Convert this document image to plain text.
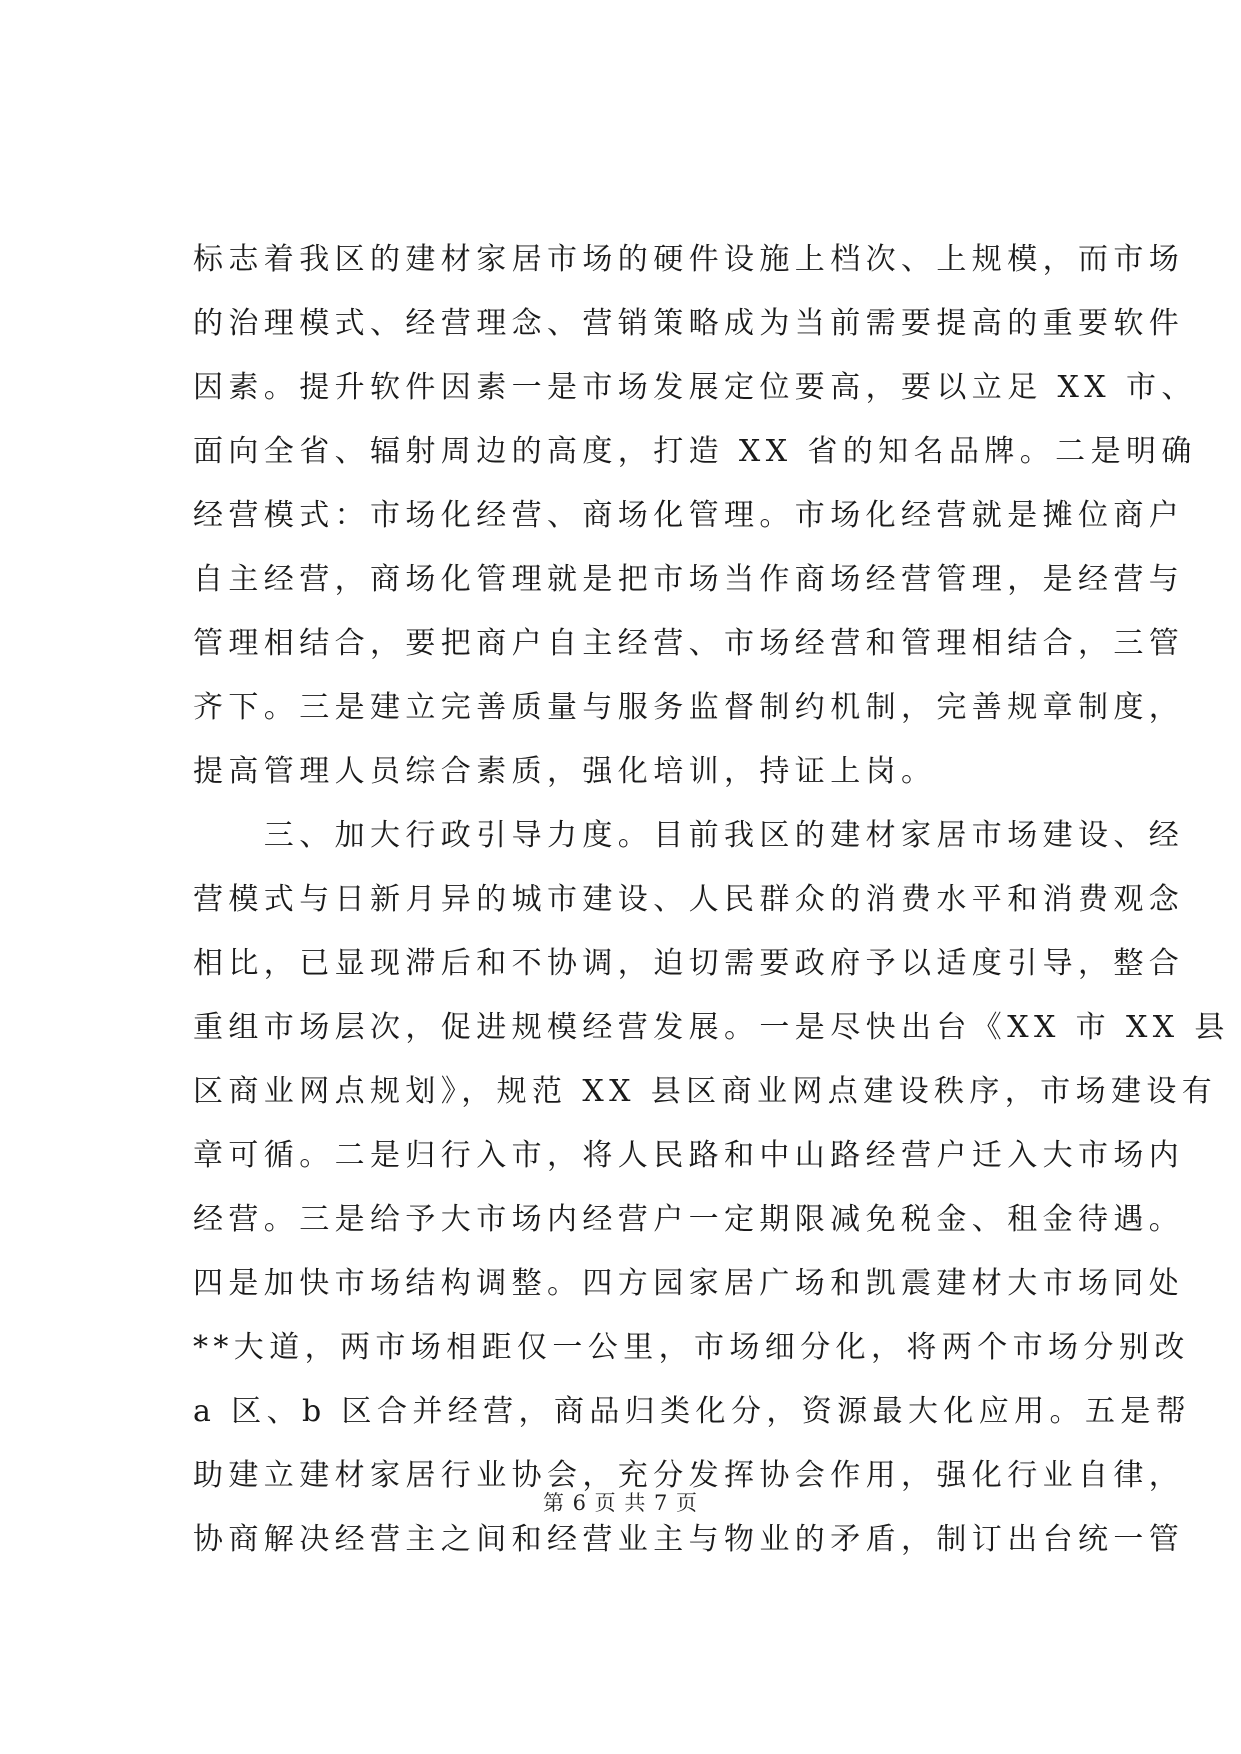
标志着我区的建材家居市场的硬件设施上档次、上规模，而市场
的治理模式、经营理念、营销策略成为当前需要提高的重要软件
因素。提升软件因素一是市场发展定位要高，要以立足 XX 市、
面向全省、辐射周边的高度，打造 XX 省的知名品牌。二是明确
经营模式：市场化经营、商场化管理。市场化经营就是摊位商户
自主经营，商场化管理就是把市场当作商场经营管理，是经营与
管理相结合，要把商户自主经营、市场经营和管理相结合，三管
齐下。三是建立完善质量与服务监督制约机制，完善规章制度，
提高管理人员综合素质，强化培训，持证上岗。
　　三、加大行政引导力度。目前我区的建材家居市场建设、经
营模式与日新月异的城市建设、人民群众的消费水平和消费观念
相比，已显现滞后和不协调，迫切需要政府予以适度引导，整合
重组市场层次，促进规模经营发展。一是尽快出台《XX 市 XX 县
区商业网点规划》，规范 XX 县区商业网点建设秩序，市场建设有
章可循。二是归行入市，将人民路和中山路经营户迁入大市场内
经营。三是给予大市场内经营户一定期限减免税金、租金待遇。
四是加快市场结构调整。四方园家居广场和凯震建材大市场同处
**大道，两市场相距仅一公里，市场细分化，将两个市场分别改
a 区、b 区合并经营，商品归类化分，资源最大化应用。五是帮
助建立建材家居行业协会，充分发挥协会作用，强化行业自律，
协商解决经营主之间和经营业主与物业的矛盾，制订出台统一管
第 6 页 共 7 页
